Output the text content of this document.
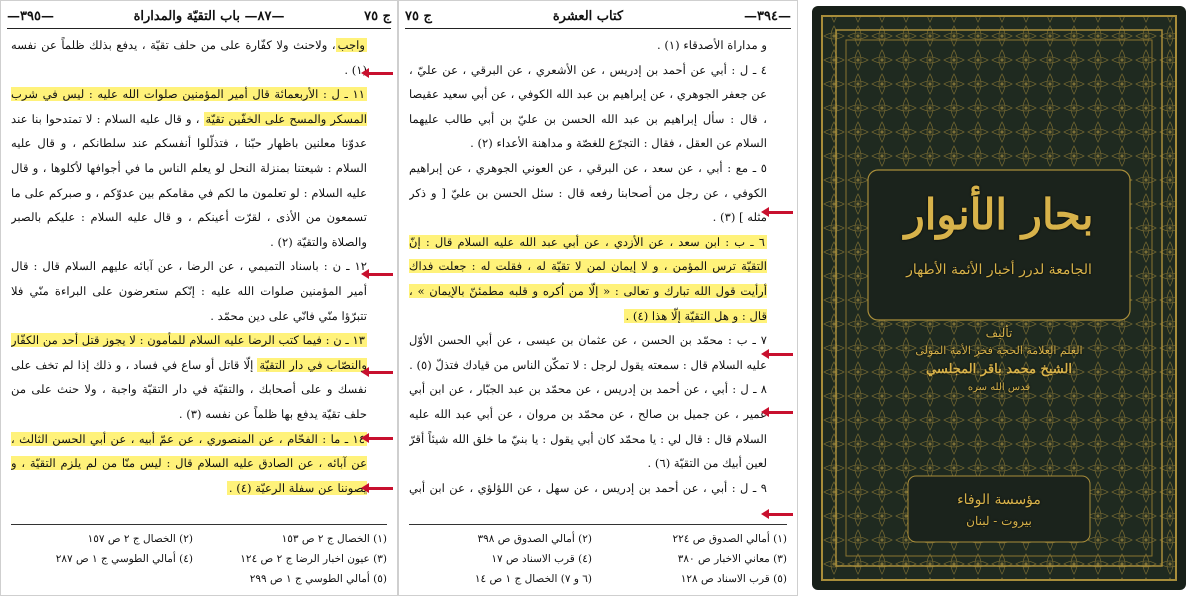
ج ٧٥
—٨٧— باب التقيّة والمداراة
—٣٩٥—

واجب، ولاحنث ولا كفّارة على من حلف تقيّة ، يدفع بذلك ظلماً عن نفسه ١) .

١١ ـ ل : الأربعمائة قال أمير المؤمنين صلوات الله عليه : ليس في شرب المسكر والمسح على الخفّين تقيّة ، و قال عليه السلام : لا تمتدحوا بنا عند عدوّنا معلنين باظهار حبّنا ، فتذلّلوا أنفسكم عند سلطانكم ، و قال عليه السلام : شيعتنا بمنزلة النحل لو يعلم الناس ما في أجوافها لأكلوها ، و قال عليه السلام : لو تعلمون ما لكم في مقامكم بين عدوّكم ، و صبركم على ما تسمعون من الأذى ، لقرّت أعينكم ، و قال عليه السلام : عليكم بالصبر والصلاة والتقيّة (٢) .

١٢ ـ ن : باسناد التميمي ، عن الرضا ، عن آبائه عليهم السلام قال : قال أمير المؤمنين صلوات الله عليه : إنّكم ستعرضون على البراءة منّي فلا تتبرّؤا منّي فانّي على دين محمّد .

١٣ ـ ن : فيما كتب الرضا عليه السلام للمأمون : لا يجوز قتل أحد من الكفّار والنصّاب في دار التقيّة إلّا قاتل أو ساع في فساد ، و ذلك إذا لم تخف على نفسك و على أصحابك ، والتقيّة في دار التقيّة واجبة ، ولا حنث على من حلف تقيّة يدفع بها ظلماً عن نفسه (٣) .

١٤ ـ ما : الفحّام ، عن المنصوري ، عن عمّ أبيه ، عن أبي الحسن الثالث ، عن آبائه ، عن الصادق عليه السلام قال : ليس منّا من لم يلزم التقيّة ، و يصوننا عن سفلة الرعيّة (٤) .

(١) الخصال ج ٢ ص ١٥٣
(٢) الخصال ج ٢ ص ١٥٧
(٣) عيون اخبار الرضا ج ٢ ص ١٢٤
(٤) أمالي الطوسي ج ١ ص ٢٨٧
(٥) أمالي الطوسي ج ١ ص ٢٩٩
—٣٩٤—
كتاب العشرة
ج ٧٥

و مداراة الأصدقاء (١) .

٤ ـ ل : أبي عن أحمد بن إدريس ، عن الأشعري ، عن البرقي ، عن عليّ ، عن جعفر الجوهري ، عن إبراهيم بن عبد الله الكوفي ، عن أبي سعيد عقيصا ، قال : سأل إبراهيم بن عبد الله الحسن بن عليّ بن أبي طالب عليهما السلام عن العقل ، فقال : التجرّع للغصّة و مداهنة الأعداء (٢) .

٥ ـ مع : أبي ، عن سعد ، عن البرقي ، عن العوني الجوهري ، عن إبراهيم الكوفي ، عن رجل من أصحابنا رفعه قال : سئل الحسن بن عليّ [ و ذكر مثله ] (٣) .

٦ ـ ب : ابن سعد ، عن الأزدي ، عن أبي عبد الله عليه السلام قال : إنّ التقيّة ترس المؤمن ، و لا إيمان لمن لا تقيّة له ، فقلت له : جعلت فداك أرأيت قول الله تبارك و تعالى : « إلّا من اُكره و قلبه مطمئنّ بالإيمان » ، قال : و هل التقيّة إلّا هذا (٤) .

٧ ـ ب : محمّد بن الحسن ، عن عثمان بن عيسى ، عن أبي الحسن الأوّل عليه السلام قال : سمعته يقول لرجل : لا تمكّن الناس من قيادك فتذلّ (٥) .

٨ ـ ل : أبي ، عن أحمد بن إدريس ، عن محمّد بن عبد الجبّار ، عن ابن أبي عمير ، عن جميل بن صالح ، عن محمّد بن مروان ، عن أبي عبد الله عليه السلام قال : قال لي : يا محمّد كان أبي يقول : يا بنيّ ما خلق الله شيئاً أقرّ لعين أبيك من التقيّة (٦) .

٩ ـ ل : أبي ، عن أحمد بن إدريس ، عن سهل ، عن اللؤلؤي ، عن ابن أبي

(١) أمالي الصدوق ص ٢٢٤
(٢) أمالي الصدوق ص ٣٩٨
(٣) معاني الاخبار ص ٣٨٠
(٤) قرب الاسناد ص ١٧
(٥) قرب الاسناد ص ١٢٨
(٦ و ٧) الخصال ج ١ ص ١٤
بحار الأنوار
الجامعة لدرر أخبار الأئمة الأطهار
تأليف
العلم العلامة الحجة فخر الأمة المولى
الشيخ محمد باقر المجلسي
قدس الله سره
مؤسسة الوفاء
بيروت - لبنان
